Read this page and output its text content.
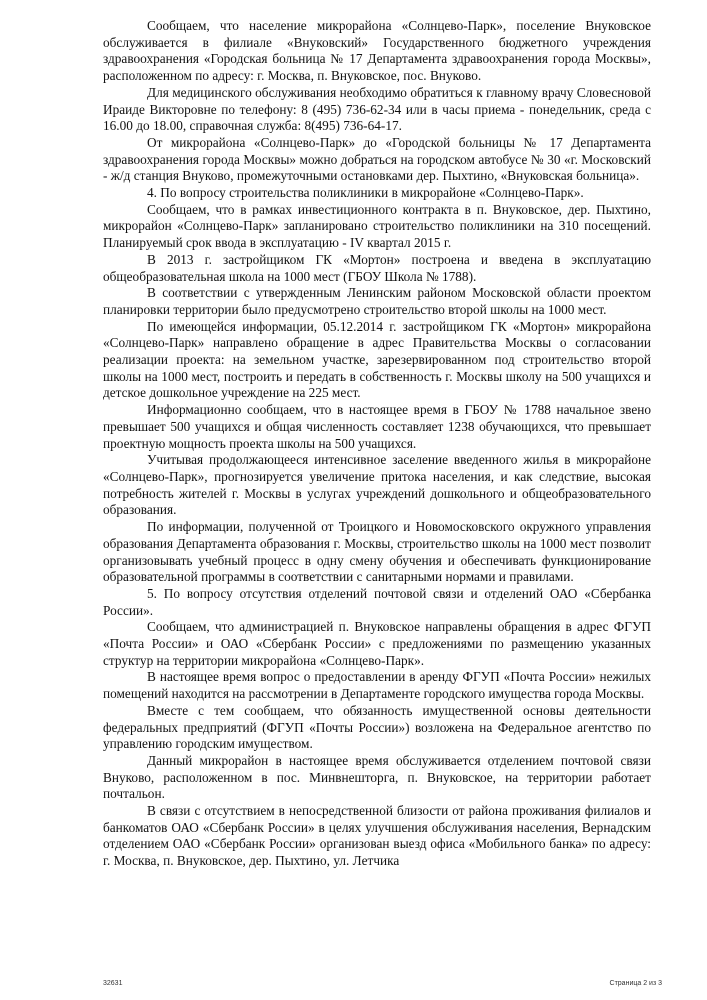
Сообщаем, что население микрорайона «Солнцево-Парк», поселение Внуковское обслуживается в филиале «Внуковский» Государственного бюджетного учреждения здравоохранения «Городская больница № 17 Департамента здравоохранения города Москвы», расположенном по адресу: г. Москва, п. Внуковское, пос. Внуково.

Для медицинского обслуживания необходимо обратиться к главному врачу Словесновой Ираиде Викторовне по телефону: 8 (495) 736-62-34 или в часы приема - понедельник, среда с 16.00 до 18.00, справочная служба: 8(495) 736-64-17.

От микрорайона «Солнцево-Парк» до «Городской больницы № 17 Департамента здравоохранения города Москвы» можно добраться на городском автобусе № 30 «г. Московский - ж/д станция Внуково, промежуточными остановками дер. Пыхтино, «Внуковская больница».

4. По вопросу строительства поликлиники в микрорайоне «Солнцево-Парк».

Сообщаем, что в рамках инвестиционного контракта в п. Внуковское, дер. Пыхтино, микрорайон «Солнцево-Парк» запланировано строительство поликлиники на 310 посещений. Планируемый срок ввода в эксплуатацию - IV квартал 2015 г.

В 2013 г. застройщиком ГК «Мортон» построена и введена в эксплуатацию общеобразовательная школа на 1000 мест (ГБОУ Школа № 1788).

В соответствии с утвержденным Ленинским районом Московской области проектом планировки территории было предусмотрено строительство второй школы на 1000 мест.

По имеющейся информации, 05.12.2014 г. застройщиком ГК «Мортон» микрорайона «Солнцево-Парк» направлено обращение в адрес Правительства Москвы о согласовании реализации проекта: на земельном участке, зарезервированном под строительство второй школы на 1000 мест, построить и передать в собственность г. Москвы школу на 500 учащихся и детское дошкольное учреждение на 225 мест.

Информационно сообщаем, что в настоящее время в ГБОУ № 1788 начальное звено превышает 500 учащихся и общая численность составляет 1238 обучающихся, что превышает проектную мощность проекта школы на 500 учащихся.

Учитывая продолжающееся интенсивное заселение введенного жилья в микрорайоне «Солнцево-Парк», прогнозируется увеличение притока населения, и как следствие, высокая потребность жителей г. Москвы в услугах учреждений дошкольного и общеобразовательного образования.

По информации, полученной от Троицкого и Новомосковского окружного управления образования Департамента образования г. Москвы, строительство школы на 1000 мест позволит организовывать учебный процесс в одну смену обучения и обеспечивать функционирование образовательной программы в соответствии с санитарными нормами и правилами.

5. По вопросу отсутствия отделений почтовой связи и отделений ОАО «Сбербанка России».

Сообщаем, что администрацией п. Внуковское направлены обращения в адрес ФГУП «Почта России» и ОАО «Сбербанк России» с предложениями по размещению указанных структур на территории микрорайона «Солнцево-Парк».

В настоящее время вопрос о предоставлении в аренду ФГУП «Почта России» нежилых помещений находится на рассмотрении в Департаменте городского имущества города Москвы.

Вместе с тем сообщаем, что обязанность имущественной основы деятельности федеральных предприятий (ФГУП «Почты России») возложена на Федеральное агентство по управлению городским имуществом.

Данный микрорайон в настоящее время обслуживается отделением почтовой связи Внуково, расположенном в пос. Минвнешторга, п. Внуковское, на территории работает почтальон.

В связи с отсутствием в непосредственной близости от района проживания филиалов и банкоматов ОАО «Сбербанк России» в целях улучшения обслуживания населения, Вернадским отделением ОАО «Сбербанк России» организован выезд офиса «Мобильного банка» по адресу: г. Москва, п. Внуковское, дер. Пыхтино, ул. Летчика

32631	Страница 2 из 3
